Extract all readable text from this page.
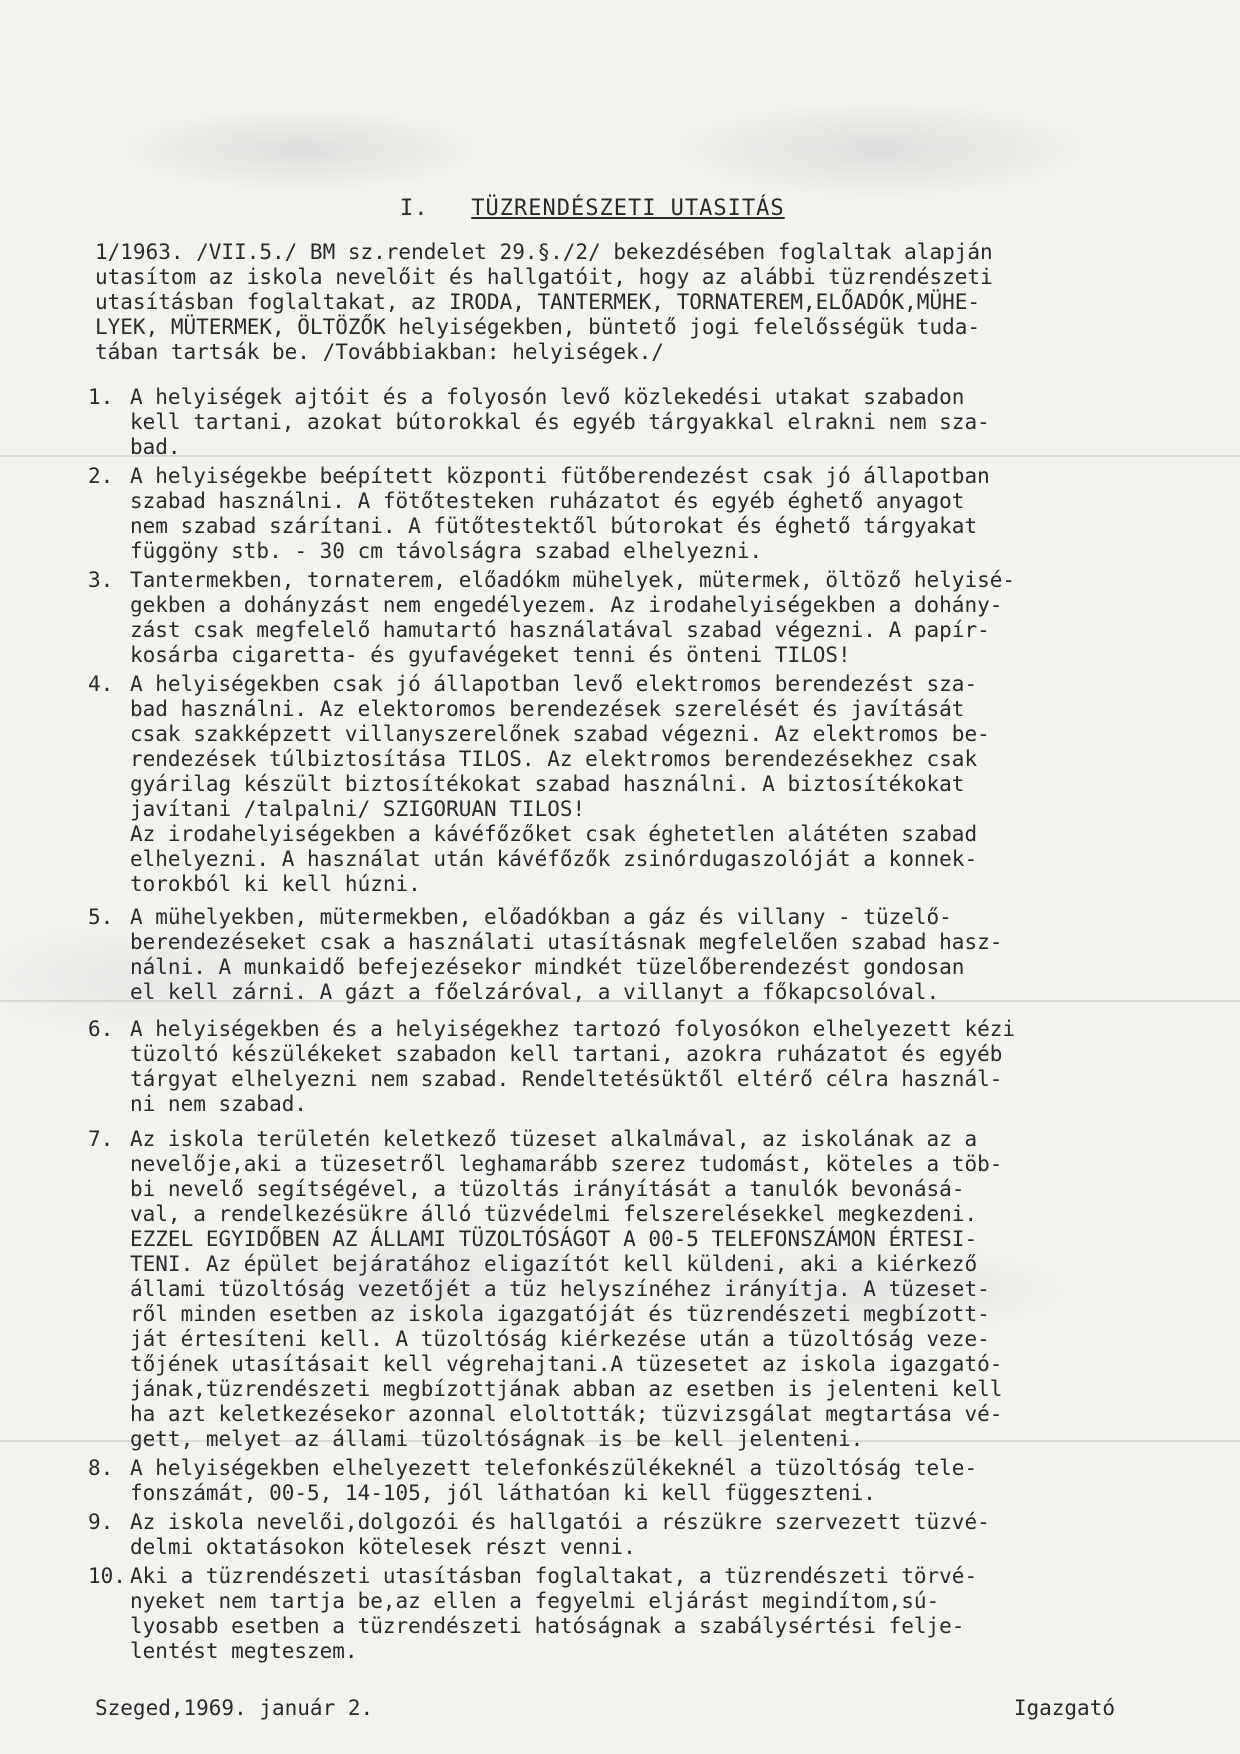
I. TÜZRENDÉSZETI UTASITÁS
1/1963. /VII.5./ BM sz.rendelet 29.§./2/ bekezdésében foglaltak alapján
utasítom az iskola nevelőit és hallgatóit, hogy az alábbi tüzrendészeti
utasításban foglaltakat, az IRODA, TANTERMEK, TORNATEREM,ELŐADÓK,MÜHE-
LYEK, MÜTERMEK, ÖLTÖZŐK helyiségekben, büntető jogi felelősségük tuda-
tában tartsák be. /Továbbiakban: helyiségek./
1. A helyiségek ajtóit és a folyosón levő közlekedési utakat szabadon
kell tartani, azokat bútorokkal és egyéb tárgyakkal elrakni nem sza-
bad.
2. A helyiségekbe beépített központi fütőberendezést csak jó állapotban
szabad használni. A fötőtesteken ruházatot és egyéb éghető anyagot
nem szabad szárítani. A fütőtestektől bútorokat és éghető tárgyakat
függöny stb. - 30 cm távolságra szabad elhelyezni.
3. Tantermekben, tornaterem, előadókm mühelyek, mütermek, öltöző helyisé-
gekben a dohányzást nem engedélyezem. Az irodahelyiségekben a dohány-
zást csak megfelelő hamutartó használatával szabad végezni. A papír-
kosárba cigaretta- és gyufavégeket tenni és önteni TILOS!
4. A helyiségekben csak jó állapotban levő elektromos berendezést sza-
bad használni. Az elektoromos berendezések szerelését és javítását
csak szakképzett villanyszerelőnek szabad végezni. Az elektromos be-
rendezések túlbiztosítása TILOS. Az elektromos berendezésekhez csak
gyárilag készült biztosítékokat szabad használni. A biztosítékokat
javítani /talpalni/ SZIGORUAN TILOS!
Az irodahelyiségekben a kávéfőzőket csak éghetetlen alátéten szabad
elhelyezni. A használat után kávéfőzők zsinórdugaszolóját a konnek-
torokból ki kell húzni.
5. A mühelyekben, mütermekben, előadókban a gáz és villany - tüzelő-
berendezéseket csak a használati utasításnak megfelelően szabad hasz-
nálni. A munkaidő befejezésekor mindkét tüzelőberendezést gondosan
el kell zárni. A gázt a főelzáróval, a villanyt a főkapcsolóval.
6. A helyiségekben és a helyiségekhez tartozó folyosókon elhelyezett kézi
tüzoltó készülékeket szabadon kell tartani, azokra ruházatot és egyéb
tárgyat elhelyezni nem szabad. Rendeltetésüktől eltérő célra használ-
ni nem szabad.
7. Az iskola területén keletkező tüzeset alkalmával, az iskolának az a
nevelője,aki a tüzesetről leghamarább szerez tudomást, köteles a töb-
bi nevelő segítségével, a tüzoltás irányítását a tanulók bevonásá-
val, a rendelkezésükre álló tüzvédelmi felszerelésekkel megkezdeni.
EZZEL EGYIDŐBEN AZ ÁLLAMI TÜZOLTÓSÁGOT A 00-5 TELEFONSZÁMON ÉRTESI-
TENI. Az épület bejáratához eligazítót kell küldeni, aki a kiérkező
állami tüzoltóság vezetőjét a tüz helyszínéhez irányítja. A tüzeset-
ről minden esetben az iskola igazgatóját és tüzrendészeti megbízott-
ját értesíteni kell. A tüzoltóság kiérkezése után a tüzoltóság veze-
tőjének utasításait kell végrehajtani.A tüzesetet az iskola igazgató-
jának,tüzrendészeti megbízottjának abban az esetben is jelenteni kell
ha azt keletkezésekor azonnal eloltották; tüzvizsgálat megtartása vé-
gett, melyet az állami tüzoltóságnak is be kell jelenteni.
8. A helyiségekben elhelyezett telefonkészülékeknél a tüzoltóság tele-
fonszámát, 00-5, 14-105, jól láthatóan ki kell függeszteni.
9. Az iskola nevelői,dolgozói és hallgatói a részükre szervezett tüzvé-
delmi oktatásokon kötelesek részt venni.
10. Aki a tüzrendészeti utasításban foglaltakat, a tüzrendészeti törvé-
nyeket nem tartja be,az ellen a fegyelmi eljárást megindítom,sú-
lyosabb esetben a tüzrendészeti hatóságnak a szabálysértési felje-
lentést megteszem.
Szeged,1969. január 2.	Igazgató
